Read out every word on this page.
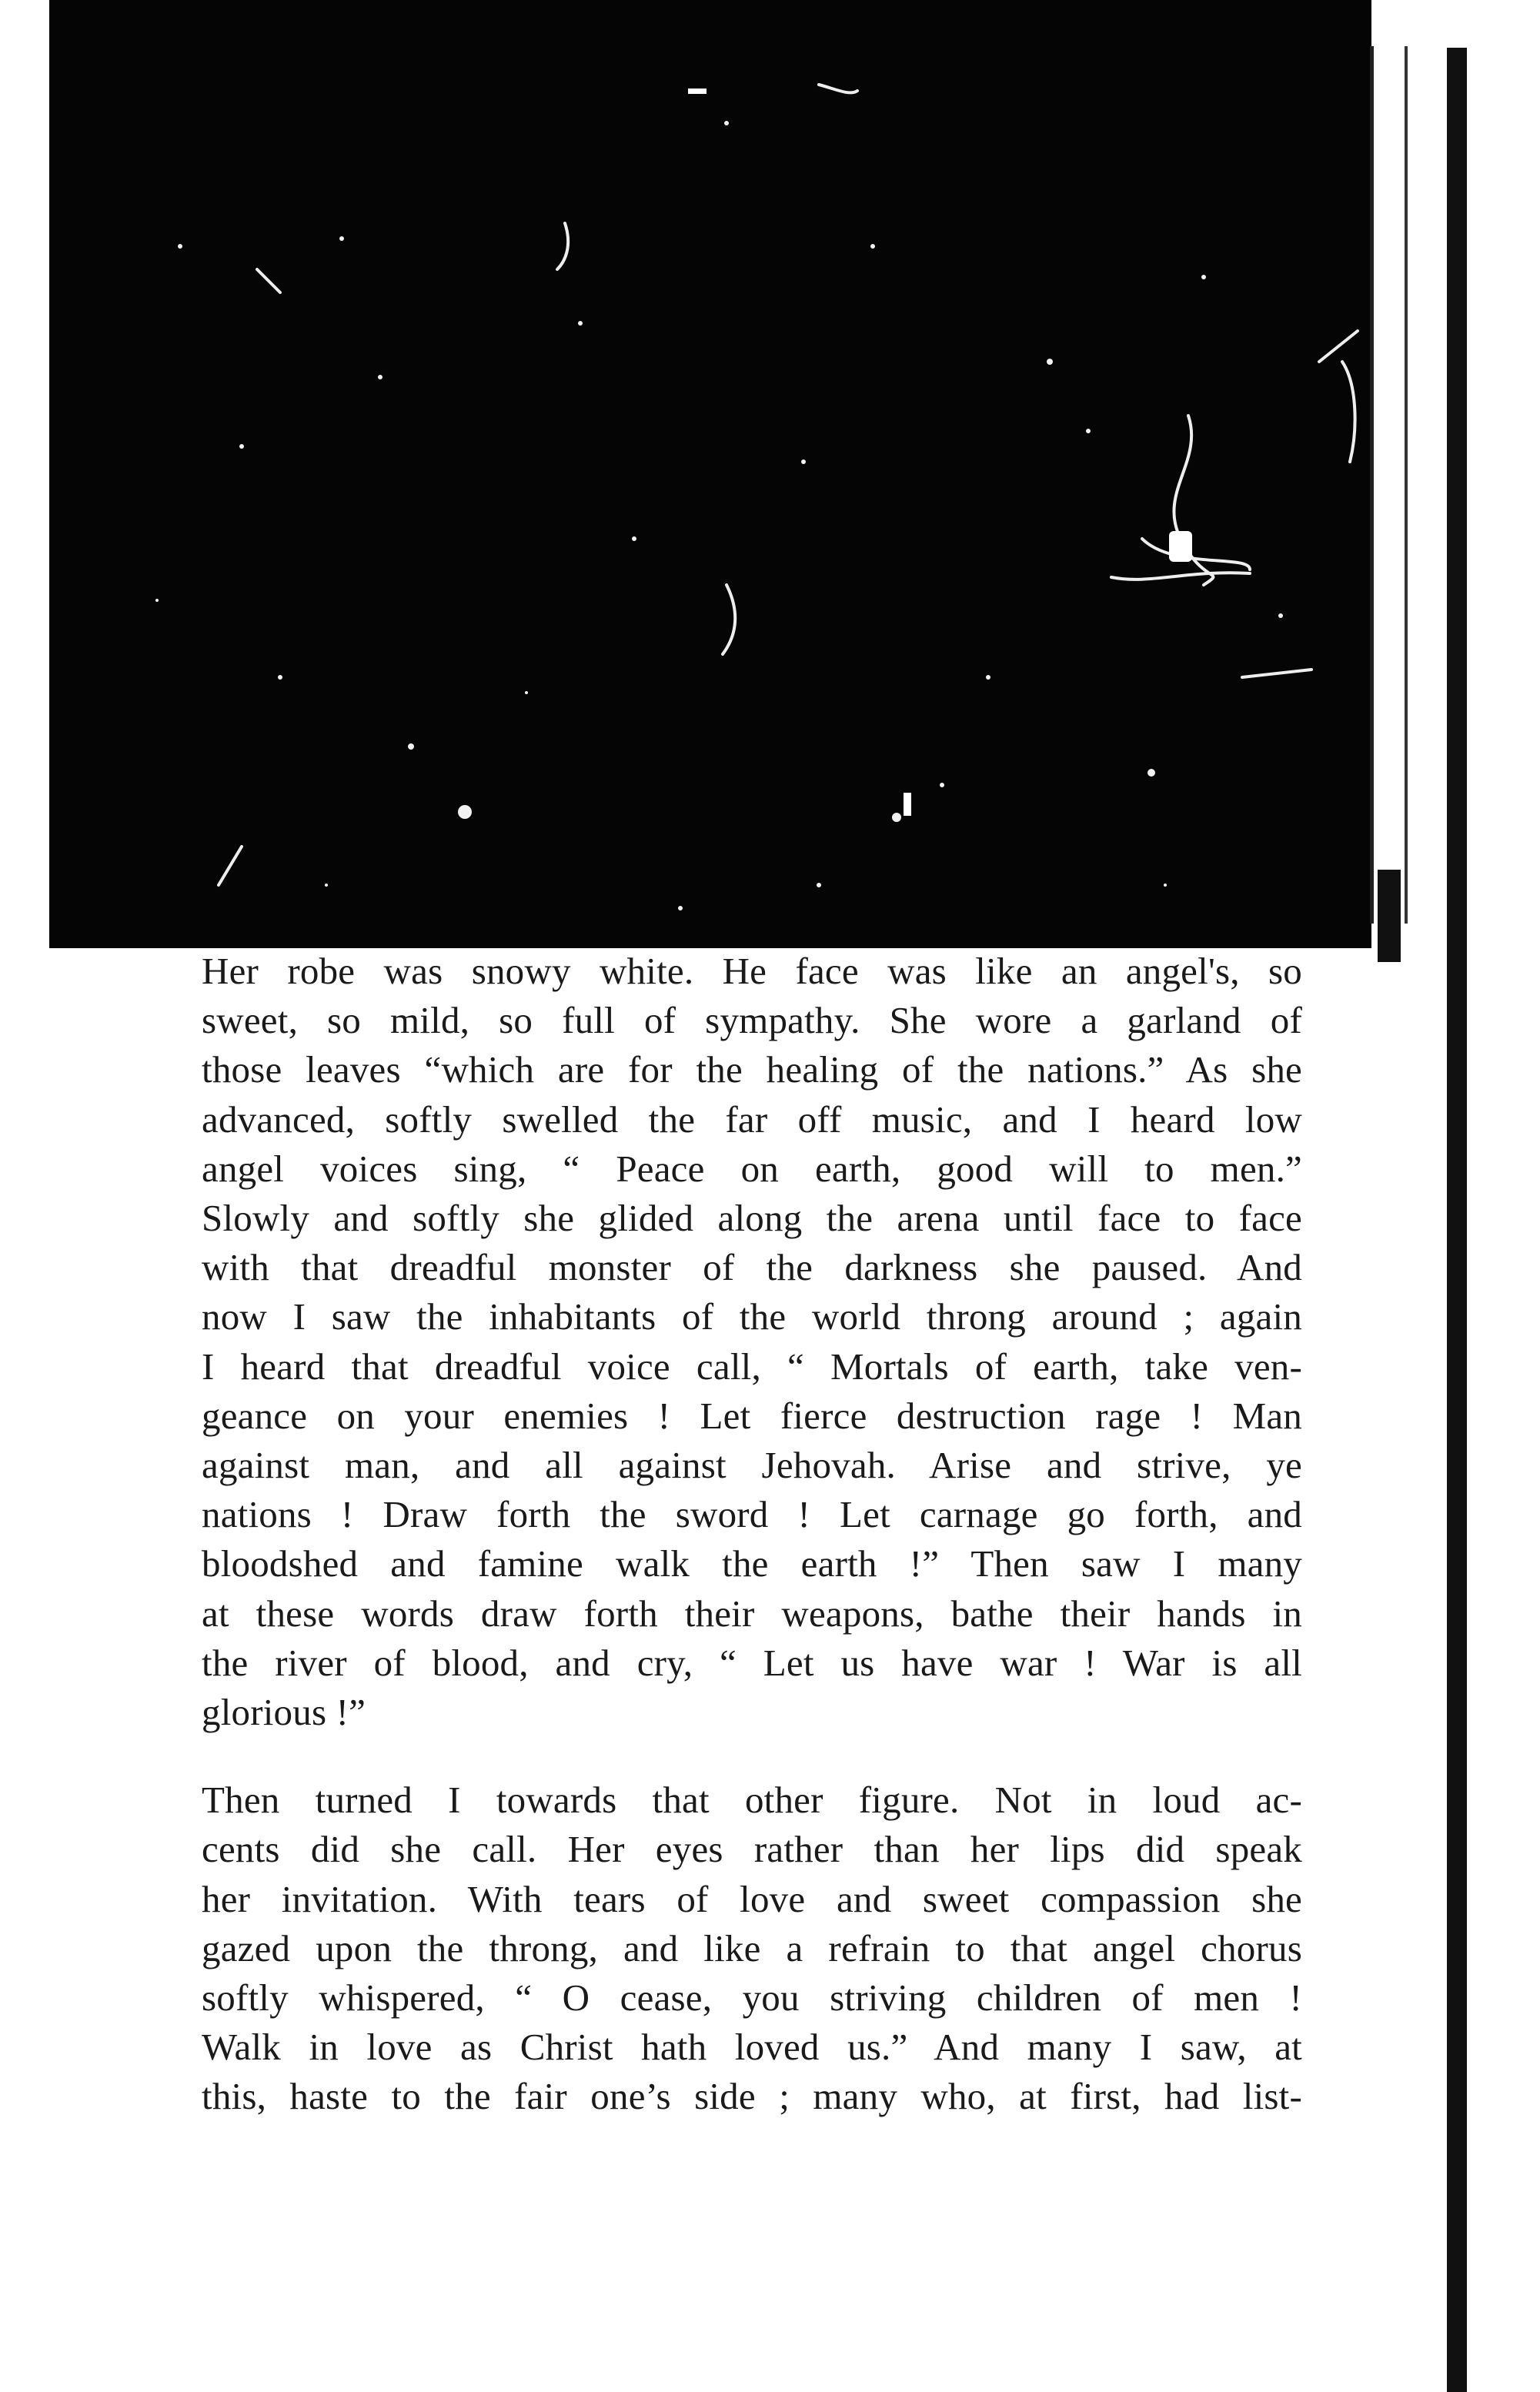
Her robe was snowy white. He face was like an angel's, so
sweet, so mild, so full of sympathy. She wore a garland of
those leaves “which are for the healing of the nations.” As she
advanced, softly swelled the far off music, and I heard low
angel voices sing, “ Peace on earth, good will to men.”
Slowly and softly she glided along the arena until face to face
with that dreadful monster of the darkness she paused. And
now I saw the inhabitants of the world throng around ; again
I heard that dreadful voice call, “ Mortals of earth, take ven-
geance on your enemies ! Let fierce destruction rage ! Man
against man, and all against Jehovah. Arise and strive, ye
nations ! Draw forth the sword ! Let carnage go forth, and
bloodshed and famine walk the earth !” Then saw I many
at these words draw forth their weapons, bathe their hands in
the river of blood, and cry, “ Let us have war ! War is all
glorious !”
Then turned I towards that other figure. Not in loud ac-
cents did she call. Her eyes rather than her lips did speak
her invitation. With tears of love and sweet compassion she
gazed upon the throng, and like a refrain to that angel chorus
softly whispered, “ O cease, you striving children of men !
Walk in love as Christ hath loved us.” And many I saw, at
this, haste to the fair one’s side ; many who, at first, had list-
